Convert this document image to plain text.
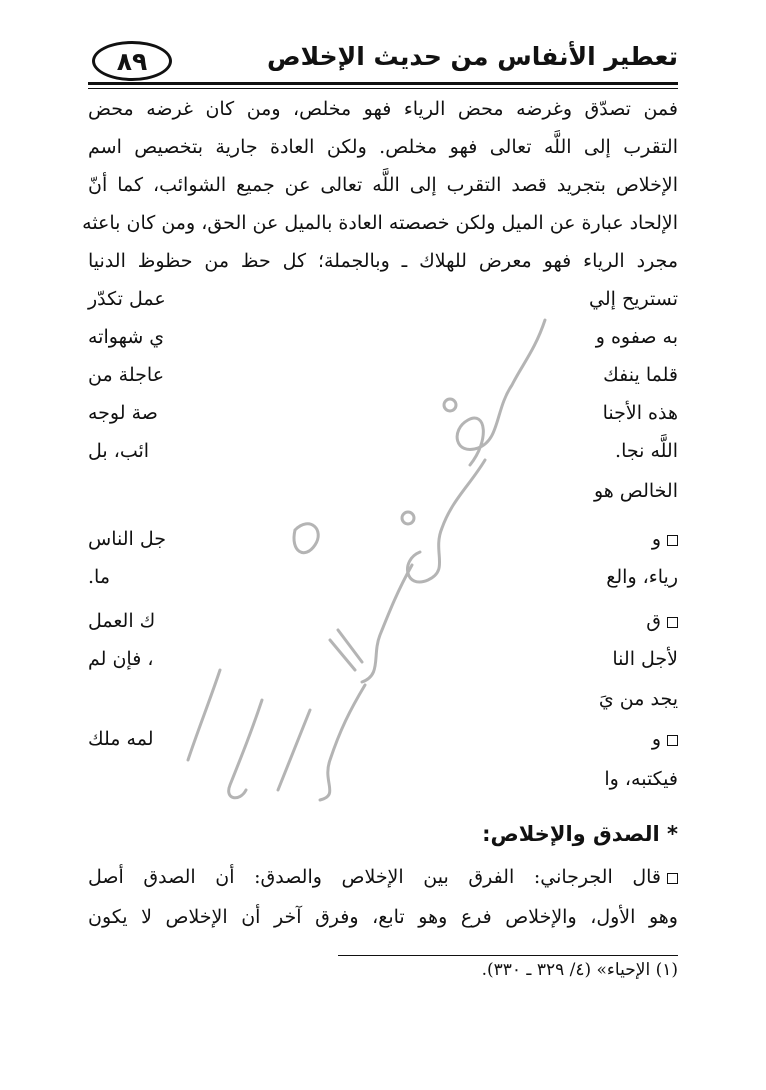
تعطير الأنفاس من حديث الإخلاص
٨٩
فمن تصدّق وغرضه محض الرياء فهو مخلص، ومن كان غرضه محض
التقرب إلى اللَّه تعالى فهو مخلص. ولكن العادة جارية بتخصيص اسم
الإخلاص بتجريد قصد التقرب إلى اللَّه تعالى عن جميع الشوائب، كما أنّ
الإلحاد عبارة عن الميل ولكن خصصته العادة بالميل عن الحق، ومن كان باعثه
مجرد الرياء فهو معرض للهلاك ـ وبالجملة؛ كل حظ من حظوظ الدنيا
تستريح إلي
عمل تكدّر
به صفوه و
ي شهواته
قلما ينفك
عاجلة من
هذه الأجنا
صة لوجه
اللَّه نجا.
ائب، بل
الخالص هو
و
جل الناس
رياء، والع
ما.
ق
ك العمل
لأجل النا
، فإن لم
يجد من يَ
و
لمه ملك
فيكتبه، وا
* الصدق والإخلاص:
قال الجرجاني: الفرق بين الإخلاص والصدق: أن الصدق أصل
وهو الأول، والإخلاص فرع وهو تابع، وفرق آخر أن الإخلاص لا يكون
(١) الإحياء» (٤/ ٣٢٩ ـ ٣٣٠).
